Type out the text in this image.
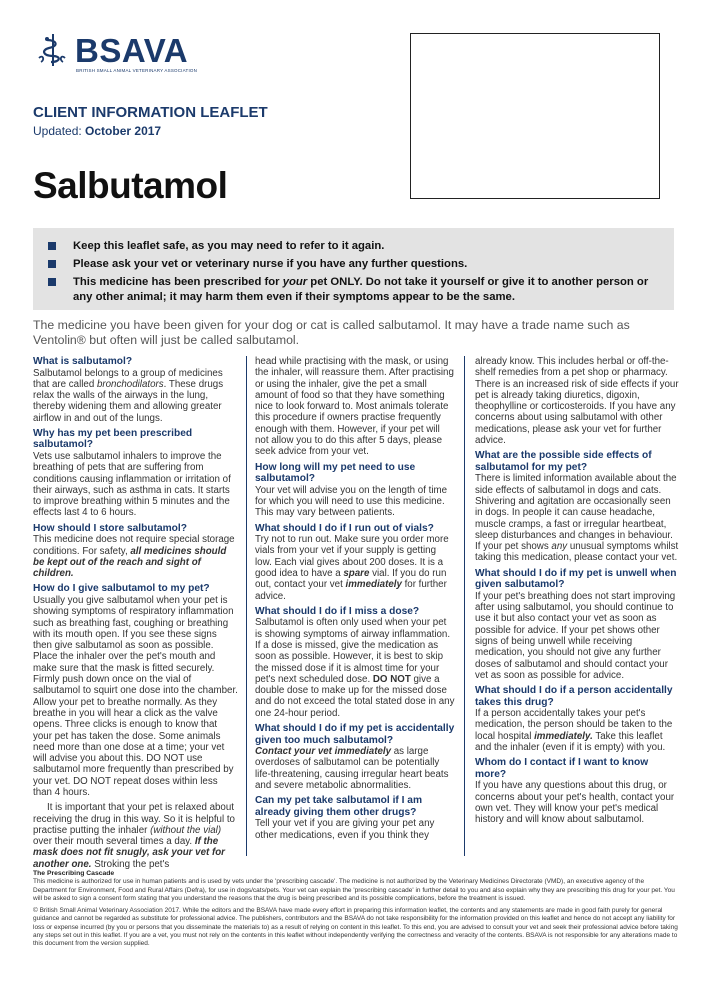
BSAVA
BRITISH SMALL ANIMAL VETERINARY ASSOCIATION
CLIENT INFORMATION LEAFLET
Updated: October 2017
Salbutamol
Keep this leaflet safe, as you may need to refer to it again.
Please ask your vet or veterinary nurse if you have any further questions.
This medicine has been prescribed for your pet ONLY. Do not take it yourself or give it to another person or any other animal; it may harm them even if their symptoms appear to be the same.
The medicine you have been given for your dog or cat is called salbutamol. It may have a trade name such as Ventolin® but often will just be called salbutamol.
What is salbutamol?

Salbutamol belongs to a group of medicines that are called bronchodilators. These drugs relax the walls of the airways in the lung, thereby widening them and allowing greater airflow in and out of the lungs.

Why has my pet been prescribed salbutamol?

Vets use salbutamol inhalers to improve the breathing of pets that are suffering from conditions causing inflammation or irritation of their airways, such as asthma in cats. It starts to improve breathing within 5 minutes and the effects last 4 to 6 hours.

How should I store salbutamol?

This medicine does not require special storage conditions. For safety, all medicines should be kept out of the reach and sight of children.

How do I give salbutamol to my pet?

Usually you give salbutamol when your pet is showing symptoms of respiratory inflammation such as breathing fast, coughing or breathing with its mouth open. If you see these signs then give salbutamol as soon as possible. Place the inhaler over the pet's mouth and make sure that the mask is fitted securely. Firmly push down once on the vial of salbutamol to squirt one dose into the chamber. Allow your pet to breathe normally. As they breathe in you will hear a click as the valve opens. Three clicks is enough to know that your pet has taken the dose. Some animals need more than one dose at a time; your vet will advise you about this. DO NOT use salbutamol more frequently than prescribed by your vet. DO NOT repeat doses within less than 4 hours.

It is important that your pet is relaxed about receiving the drug in this way. So it is helpful to practise putting the inhaler (without the vial) over their mouth several times a day. If the mask does not fit snugly, ask your vet for another one. Stroking the pet's

head while practising with the mask, or using the inhaler, will reassure them. After practising or using the inhaler, give the pet a small amount of food so that they have something nice to look forward to. Most animals tolerate this procedure if owners practise frequently enough with them. However, if your pet will not allow you to do this after 5 days, please seek advice from your vet.

How long will my pet need to use salbutamol?

Your vet will advise you on the length of time for which you will need to use this medicine. This may vary between patients.

What should I do if I run out of vials?

Try not to run out. Make sure you order more vials from your vet if your supply is getting low. Each vial gives about 200 doses. It is a good idea to have a spare vial. If you do run out, contact your vet immediately for further advice.

What should I do if I miss a dose?

Salbutamol is often only used when your pet is showing symptoms of airway inflammation. If a dose is missed, give the medication as soon as possible. However, it is best to skip the missed dose if it is almost time for your pet's next scheduled dose. DO NOT give a double dose to make up for the missed dose and do not exceed the total stated dose in any one 24-hour period.

What should I do if my pet is accidentally given too much salbutamol?

Contact your vet immediately as large overdoses of salbutamol can be potentially life-threatening, causing irregular heart beats and severe metabolic abnormalities.

Can my pet take salbutamol if I am already giving them other drugs?

Tell your vet if you are giving your pet any other medications, even if you think they

already know. This includes herbal or off-the-shelf remedies from a pet shop or pharmacy. There is an increased risk of side effects if your pet is already taking diuretics, digoxin, theophylline or corticosteroids. If you have any concerns about using salbutamol with other medications, please ask your vet for further advice.

What are the possible side effects of salbutamol for my pet?

There is limited information available about the side effects of salbutamol in dogs and cats. Shivering and agitation are occasionally seen in dogs. In people it can cause headache, muscle cramps, a fast or irregular heartbeat, sleep disturbances and changes in behaviour. If your pet shows any unusual symptoms whilst taking this medication, please contact your vet.

What should I do if my pet is unwell when given salbutamol?

If your pet's breathing does not start improving after using salbutamol, you should continue to use it but also contact your vet as soon as possible for advice. If your pet shows other signs of being unwell while receiving medication, you should not give any further doses of salbutamol and should contact your vet as soon as possible for advice.

What should I do if a person accidentally takes this drug?

If a person accidentally takes your pet's medication, the person should be taken to the local hospital immediately. Take this leaflet and the inhaler (even if it is empty) with you.

Whom do I contact if I want to know more?

If you have any questions about this drug, or concerns about your pet's health, contact your own vet. They will know your pet's medical history and will know about salbutamol.

The Prescribing Cascade

This medicine is authorized for use in human patients and is used by vets under the 'prescribing cascade'. The medicine is not authorized by the Veterinary Medicines Directorate (VMD), an executive agency of the Department for Environment, Food and Rural Affairs (Defra), for use in dogs/cats/pets. Your vet can explain the 'prescribing cascade' in further detail to you and also explain why they are prescribing this drug for your pet. You will be asked to sign a consent form stating that you understand the reasons that the drug is being prescribed and its possible complications, before the treatment is issued.

© British Small Animal Veterinary Association 2017. While the editors and the BSAVA have made every effort in preparing this information leaflet, the contents and any statements are made in good faith purely for general guidance and cannot be regarded as substitute for professional advice. The publishers, contributors and the BSAVA do not take responsibility for the information provided on this leaflet and hence do not accept any liability for loss or expense incurred (by you or persons that you disseminate the materials to) as a result of relying on content in this leaflet. To this end, you are advised to consult your vet and seek their professional advice before taking any steps set out in this leaflet. If you are a vet, you must not rely on the contents in this leaflet without independently verifying the correctness and veracity of the contents. BSAVA is not responsible for any alterations made to this document from the version supplied.
